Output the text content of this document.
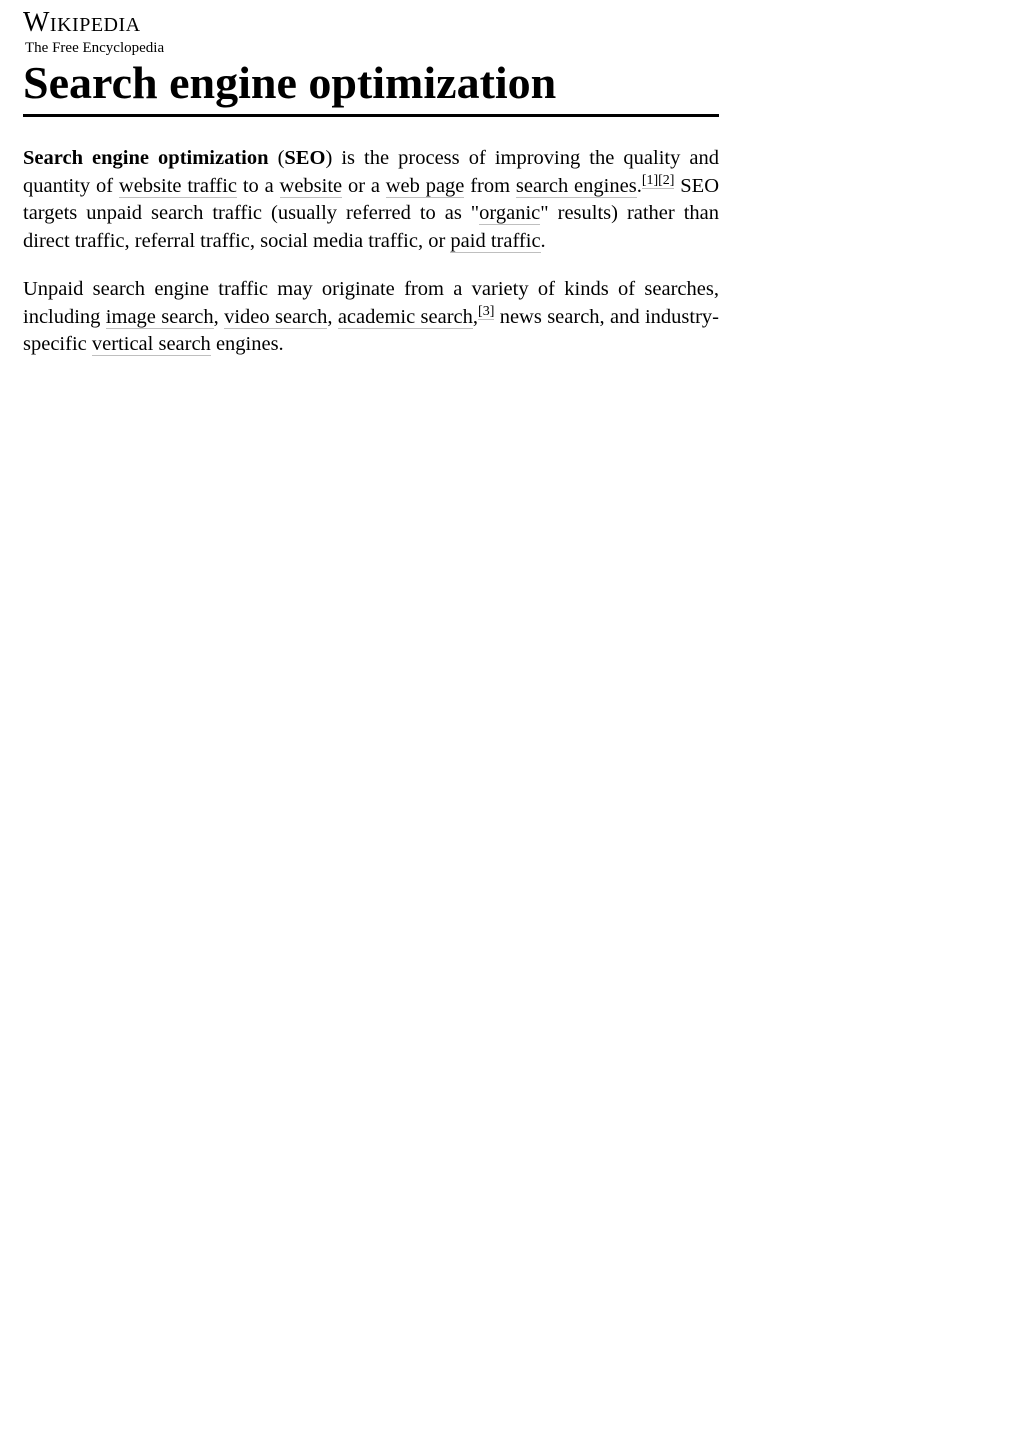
Wikipedia
The Free Encyclopedia
Search engine optimization

Search engine optimization (SEO) is the process of improving the quality and quantity of website traffic to a website or a web page from search engines.[1][2] SEO targets unpaid search traffic (usually referred to as "organic" results) rather than direct traffic, referral traffic, social media traffic, or paid traffic.

Unpaid search engine traffic may originate from a variety of kinds of searches, including image search, video search, academic search,[3] news search, and industry-specific vertical search engines.
